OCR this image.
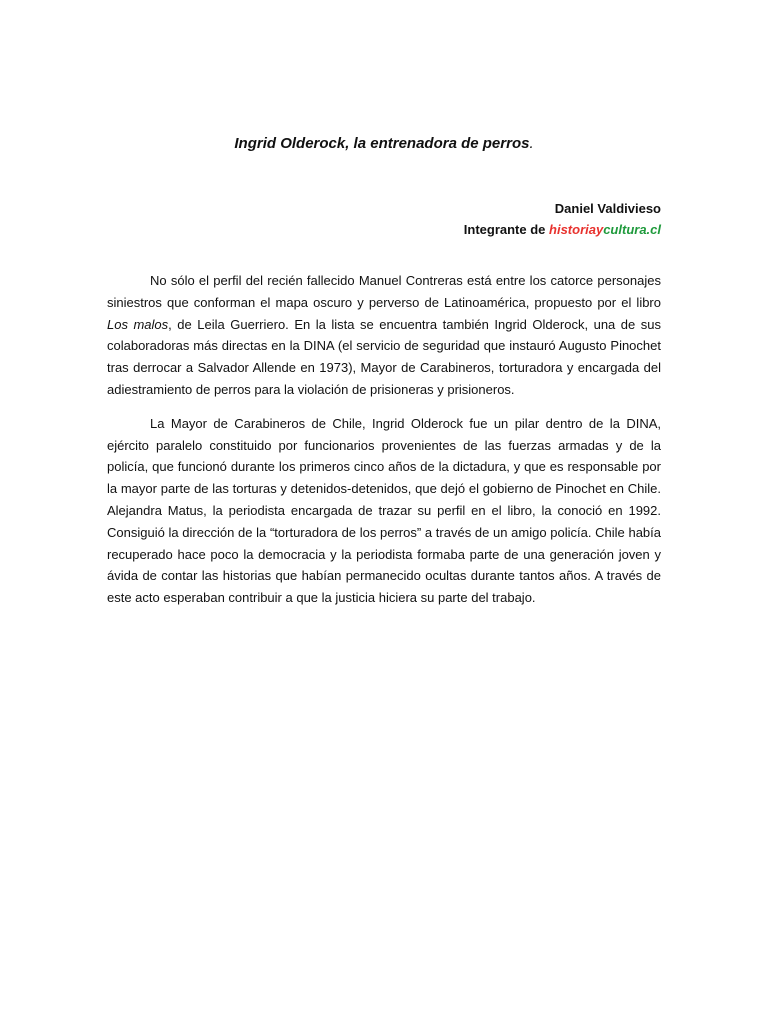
Ingrid Olderock, la entrenadora de perros.
Daniel Valdivieso
Integrante de historiaycultura.cl

No sólo el perfil del recién fallecido Manuel Contreras está entre los catorce personajes siniestros que conforman el mapa oscuro y perverso de Latinoamérica, propuesto por el libro Los malos, de Leila Guerriero. En la lista se encuentra también Ingrid Olderock, una de sus colaboradoras más directas en la DINA (el servicio de seguridad que instauró Augusto Pinochet tras derrocar a Salvador Allende en 1973), Mayor de Carabineros, torturadora y encargada del adiestramiento de perros para la violación de prisioneras y prisioneros.

La Mayor de Carabineros de Chile, Ingrid Olderock fue un pilar dentro de la DINA, ejército paralelo constituido por funcionarios provenientes de las fuerzas armadas y de la policía, que funcionó durante los primeros cinco años de la dictadura, y que es responsable por la mayor parte de las torturas y detenidos-detenidos, que dejó el gobierno de Pinochet en Chile. Alejandra Matus, la periodista encargada de trazar su perfil en el libro, la conoció en 1992. Consiguió la dirección de la “torturadora de los perros” a través de un amigo policía. Chile había recuperado hace poco la democracia y la periodista formaba parte de una generación joven y ávida de contar las historias que habían permanecido ocultas durante tantos años. A través de este acto esperaban contribuir a que la justicia hiciera su parte del trabajo.
